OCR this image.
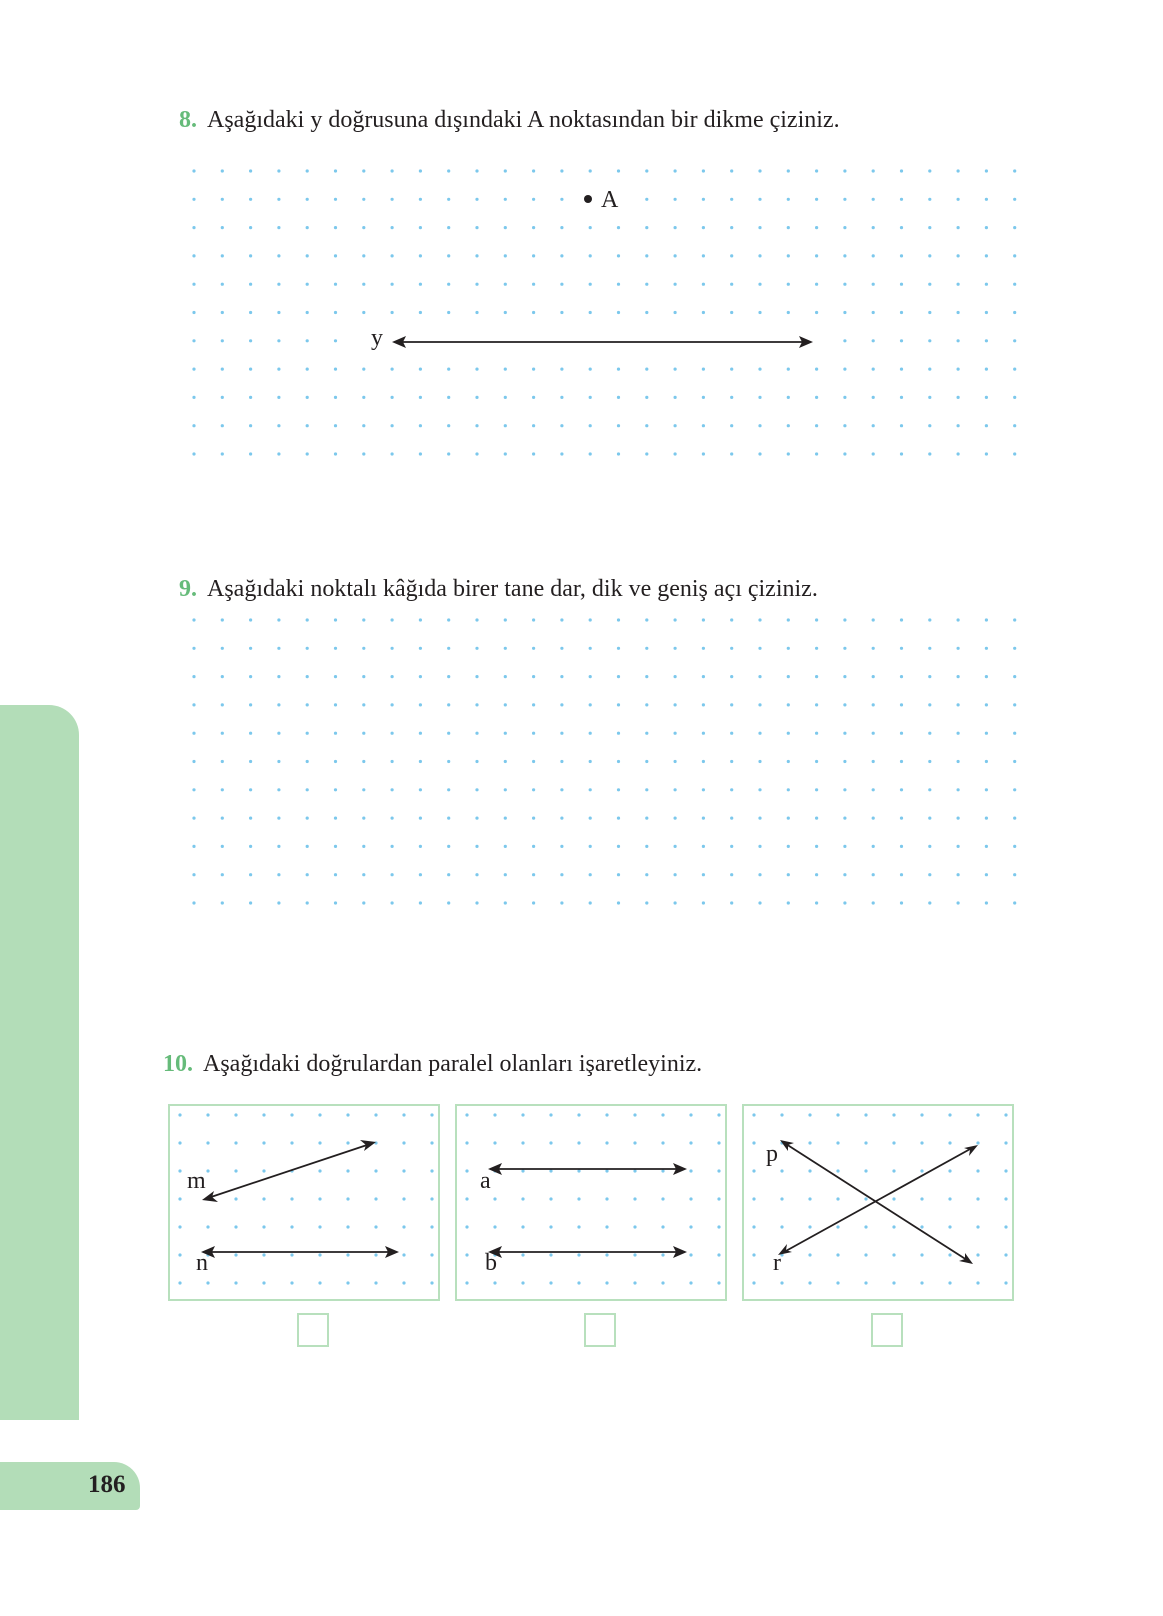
186
8. Aşağıdaki y doğrusuna dışındaki A noktasından bir dikme çiziniz.
A
y
9. Aşağıdaki noktalı kâğıda birer tane dar, dik ve geniş açı çiziniz.
10. Aşağıdaki doğrulardan paralel olanları işaretleyiniz.
m
n
a
b
p
r
